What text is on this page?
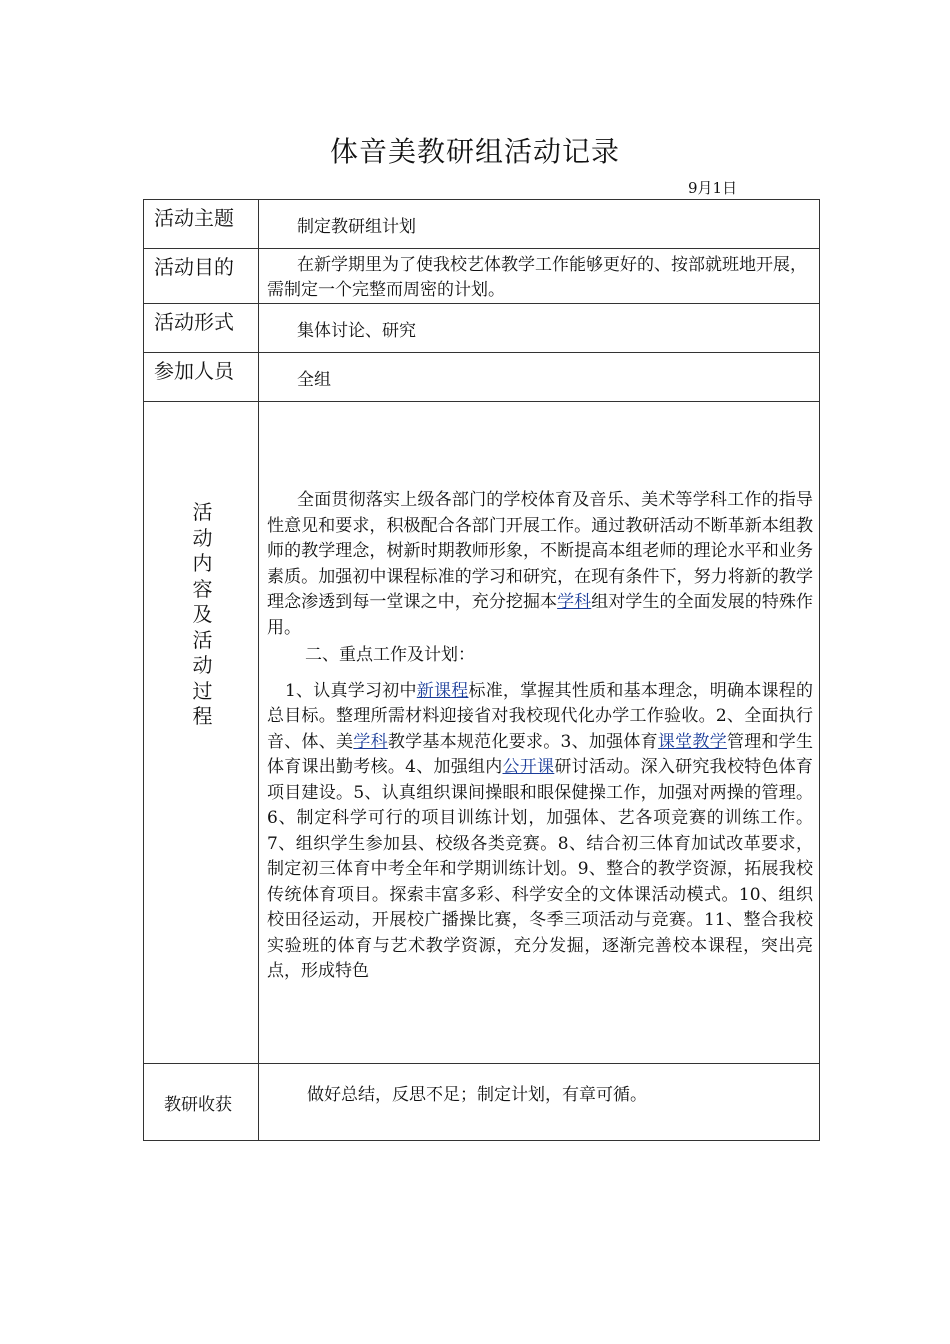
体音美教研组活动记录
9月1日
活动主题	制定教研组计划

活动目的	在新学期里为了使我校艺体教学工作能够更好的、按部就班地开展，需制定一个完整而周密的计划。

活动形式	集体讨论、研究

参加人员	全组

活动内容及活动过程	全面贯彻落实上级各部门的学校体育及音乐、美术等学科工作的指导性意见和要求，积极配合各部门开展工作。通过教研活动不断革新本组教师的教学理念，树新时期教师形象，不断提高本组老师的理论水平和业务素质。加强初中课程标准的学习和研究，在现有条件下，努力将新的教学理念渗透到每一堂课之中，充分挖掘本学科组对学生的全面发展的特殊作用。
二、重点工作及计划：
1、认真学习初中新课程标准，掌握其性质和基本理念，明确本课程的总目标。整理所需材料迎接省对我校现代化办学工作验收。2、全面执行音、体、美学科教学基本规范化要求。3、加强体育课堂教学管理和学生体育课出勤考核。4、加强组内公开课研讨活动。深入研究我校特色体育项目建设。5、认真组织课间操眼和眼保健操工作，加强对两操的管理。6、制定科学可行的项目训练计划，加强体、艺各项竞赛的训练工作。7、组织学生参加县、校级各类竞赛。8、结合初三体育加试改革要求，制定初三体育中考全年和学期训练计划。9、整合的教学资源，拓展我校传统体育项目。探索丰富多彩、科学安全的文体课活动模式。10、组织校田径运动，开展校广播操比赛，冬季三项活动与竞赛。11、整合我校实验班的体育与艺术教学资源，充分发掘，逐渐完善校本课程，突出亮点，形成特色

教研收获	做好总结，反思不足；制定计划，有章可循。
